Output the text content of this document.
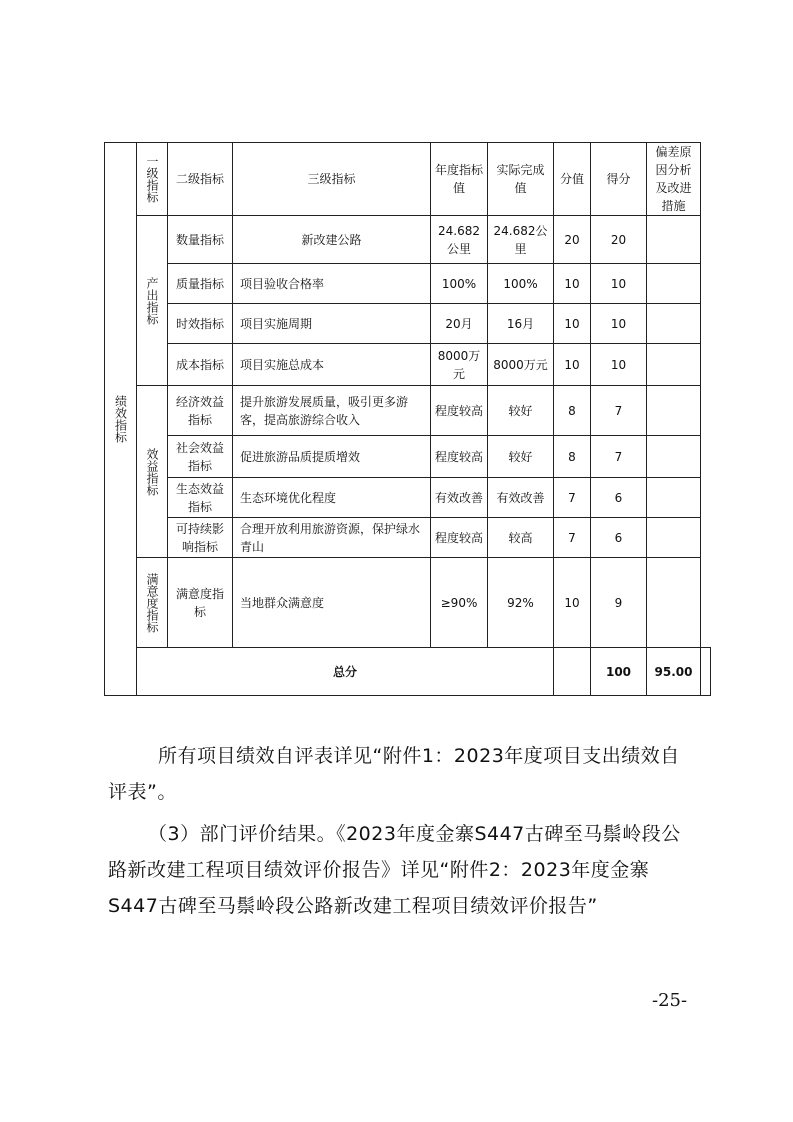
绩效指标	一级指标	二级指标	三级指标	年度指标值	实际完成值	分值	得分	偏差原因分析及改进措施	

	产出指标	数量指标	新改建公路	24.682公里	24.682公里	20	20		
		质量指标	项目验收合格率	100%	100%	10	10		
		时效指标	项目实施周期	20月	16月	10	10		
		成本指标	项目实施总成本	8000万元	8000万元	10	10		

	效益指标	经济效益指标	提升旅游发展质量，吸引更多游客，提高旅游综合收入	程度较高	较好	8	7		
		社会效益指标	促进旅游品质提质增效	程度较高	较好	8	7		
		生态效益指标	生态环境优化程度	有效改善	有效改善	7	6		
		可持续影响指标	合理开放利用旅游资源，保护绿水青山	程度较高	较高	7	6		

	满意度指标	满意度指标	当地群众满意度	≥90%	92%	10	9		
	总分						100	95.00	

所有项目绩效自评表详见“附件1：2023年度项目支出绩效自评表”。

（3）部门评价结果。《2023年度金寨S447古碑至马鬃岭段公路新改建工程项目绩效评价报告》详见“附件2：2023年度金寨S447古碑至马鬃岭段公路新改建工程项目绩效评价报告”

-25-
